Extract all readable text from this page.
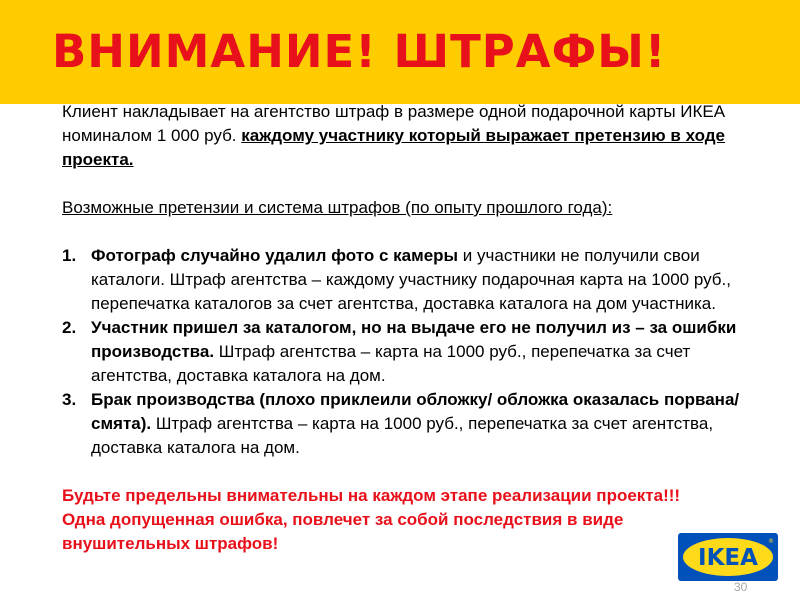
ВНИМАНИЕ! ШТРАФЫ!

Клиент накладывает на агентство штраф в размере одной подарочной карты ИКЕА номиналом 1 000 руб. каждому участнику который выражает претензию в ходе проекта.

Возможные претензии и система штрафов (по опыту прошлого года):

1. Фотограф случайно удалил фото с камеры и участники не получили свои каталоги. Штраф агентства – каждому участнику подарочная карта на 1000 руб., перепечатка каталогов за счет агентства, доставка каталога на дом участника.
2. Участник пришел за каталогом, но на выдаче его не получил из – за ошибки производства. Штраф агентства – карта на 1000 руб., перепечатка за счет агентства, доставка каталога на дом.
3. Брак производства (плохо приклеили обложку/ обложка оказалась порвана/смята). Штраф агентства – карта на 1000 руб., перепечатка за счет агентства, доставка каталога на дом.

Будьте предельны внимательны на каждом этапе реализации проекта!!! Одна допущенная ошибка, повлечет за собой последствия в виде внушительных штрафов!

IKEA
®
30
